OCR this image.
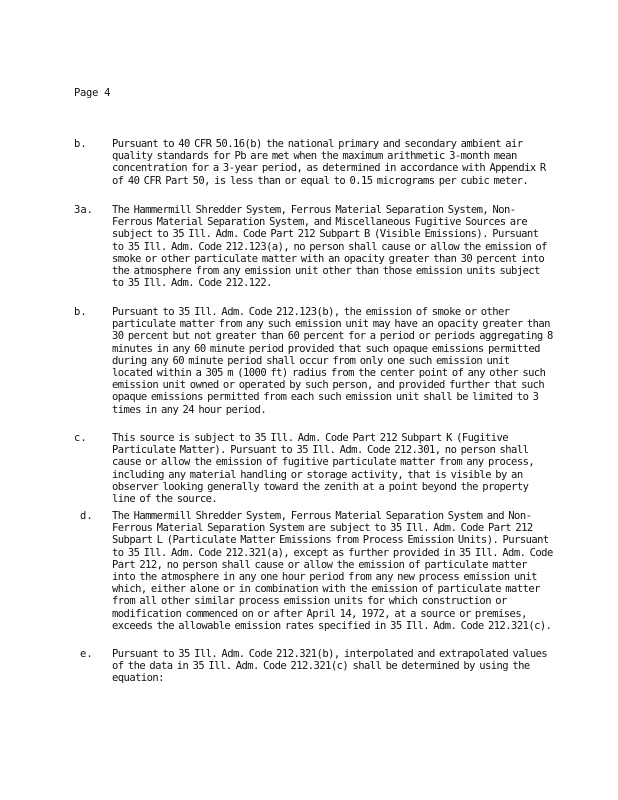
Page 4
b.	Pursuant to 40 CFR 50.16(b) the national primary and secondary ambient air quality standards for Pb are met when the maximum arithmetic 3-month mean concentration for a 3-year period, as determined in accordance with Appendix R of 40 CFR Part 50, is less than or equal to 0.15 micrograms per cubic meter.
3a.	The Hammermill Shredder System, Ferrous Material Separation System, Non-Ferrous Material Separation System, and Miscellaneous Fugitive Sources are subject to 35 Ill. Adm. Code Part 212 Subpart B (Visible Emissions). Pursuant to 35 Ill. Adm. Code 212.123(a), no person shall cause or allow the emission of smoke or other particulate matter with an opacity greater than 30 percent into the atmosphere from any emission unit other than those emission units subject to 35 Ill. Adm. Code 212.122.
b.	Pursuant to 35 Ill. Adm. Code 212.123(b), the emission of smoke or other particulate matter from any such emission unit may have an opacity greater than 30 percent but not greater than 60 percent for a period or periods aggregating 8 minutes in any 60 minute period provided that such opaque emissions permitted during any 60 minute period shall occur from only one such emission unit located within a 305 m (1000 ft) radius from the center point of any other such emission unit owned or operated by such person, and provided further that such opaque emissions permitted from each such emission unit shall be limited to 3 times in any 24 hour period.
c.	This source is subject to 35 Ill. Adm. Code Part 212 Subpart K (Fugitive Particulate Matter). Pursuant to 35 Ill. Adm. Code 212.301, no person shall cause or allow the emission of fugitive particulate matter from any process, including any material handling or storage activity, that is visible by an observer looking generally toward the zenith at a point beyond the property line of the source.
d.	The Hammermill Shredder System, Ferrous Material Separation System and Non-Ferrous Material Separation System are subject to 35 Ill. Adm. Code Part 212 Subpart L (Particulate Matter Emissions from Process Emission Units). Pursuant to 35 Ill. Adm. Code 212.321(a), except as further provided in 35 Ill. Adm. Code Part 212, no person shall cause or allow the emission of particulate matter into the atmosphere in any one hour period from any new process emission unit which, either alone or in combination with the emission of particulate matter from all other similar process emission units for which construction or modification commenced on or after April 14, 1972, at a source or premises, exceeds the allowable emission rates specified in 35 Ill. Adm. Code 212.321(c).
e.	Pursuant to 35 Ill. Adm. Code 212.321(b), interpolated and extrapolated values of the data in 35 Ill. Adm. Code 212.321(c) shall be determined by using the equation:
